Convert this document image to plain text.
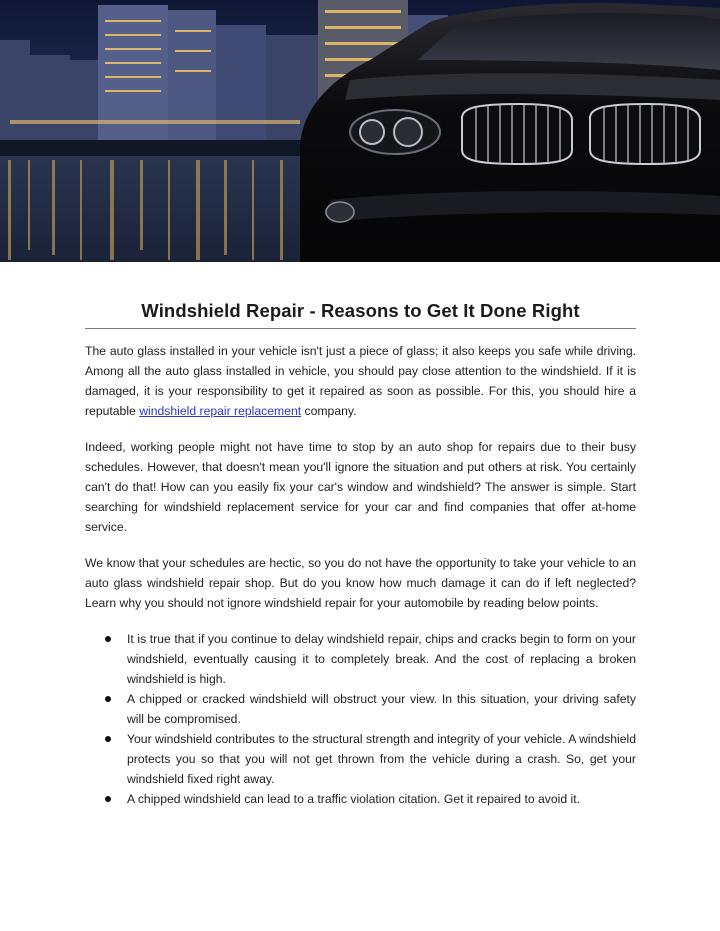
Windshield Repair - Reasons to Get It Done Right

The auto glass installed in your vehicle isn't just a piece of glass; it also keeps you safe while driving. Among all the auto glass installed in vehicle, you should pay close attention to the windshield. If it is damaged, it is your responsibility to get it repaired as soon as possible. For this, you should hire a reputable windshield repair replacement company.

Indeed, working people might not have time to stop by an auto shop for repairs due to their busy schedules. However, that doesn't mean you'll ignore the situation and put others at risk. You certainly can't do that! How can you easily fix your car's window and windshield? The answer is simple. Start searching for windshield replacement service for your car and find companies that offer at-home service.

We know that your schedules are hectic, so you do not have the opportunity to take your vehicle to an auto glass windshield repair shop. But do you know how much damage it can do if left neglected? Learn why you should not ignore windshield repair for your automobile by reading below points.

It is true that if you continue to delay windshield repair, chips and cracks begin to form on your windshield, eventually causing it to completely break. And the cost of replacing a broken windshield is high.
A chipped or cracked windshield will obstruct your view. In this situation, your driving safety will be compromised.
Your windshield contributes to the structural strength and integrity of your vehicle. A windshield protects you so that you will not get thrown from the vehicle during a crash. So, get your windshield fixed right away.
A chipped windshield can lead to a traffic violation citation. Get it repaired to avoid it.
